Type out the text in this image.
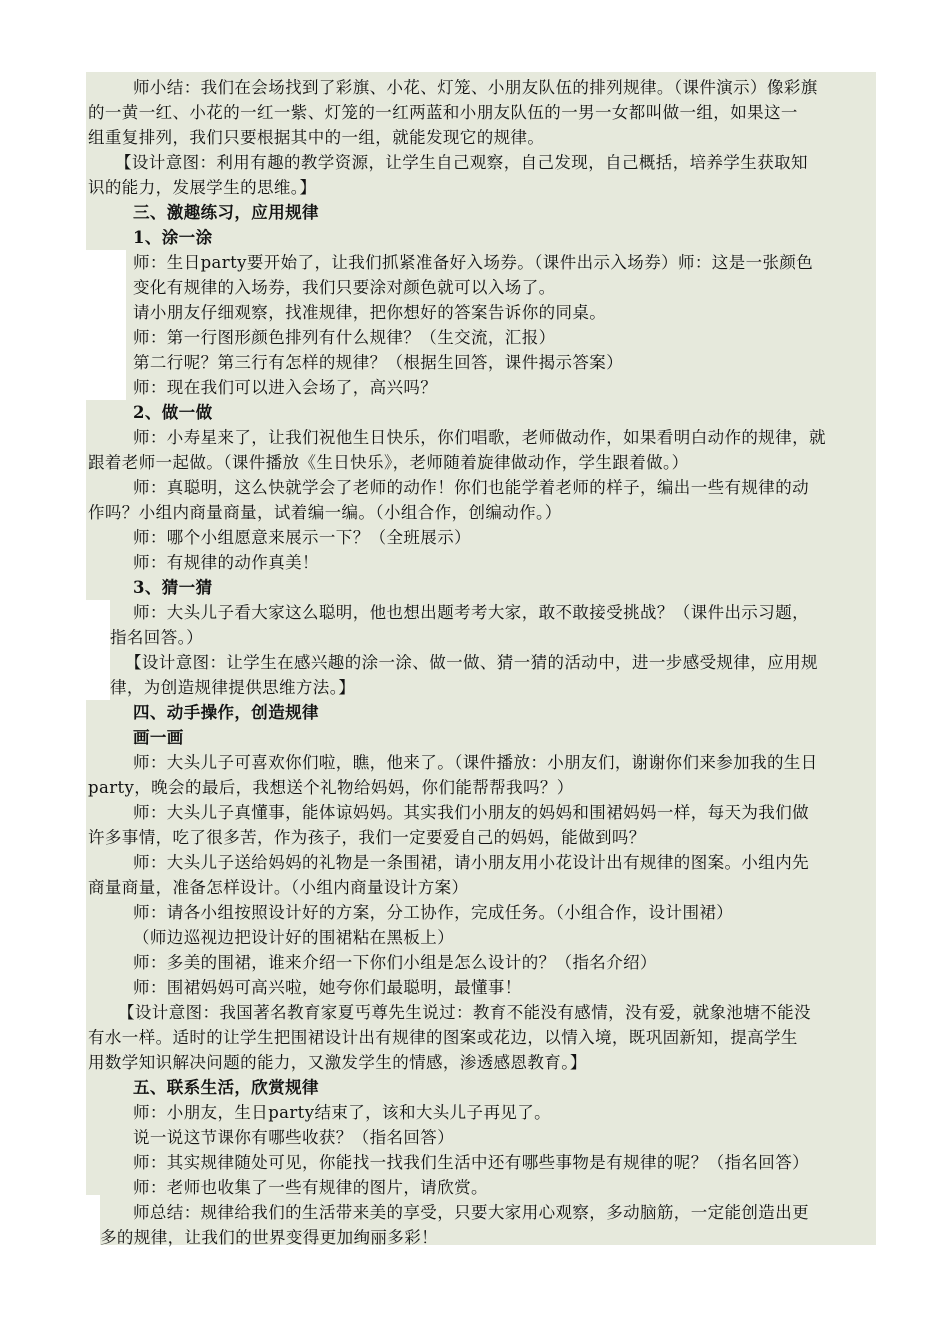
师小结：我们在会场找到了彩旗、小花、灯笼、小朋友队伍的排列规律。（课件演示）像彩旗
的一黄一红、小花的一红一紫、灯笼的一红两蓝和小朋友队伍的一男一女都叫做一组，如果这一
组重复排列，我们只要根据其中的一组，就能发现它的规律。
【设计意图：利用有趣的教学资源，让学生自己观察，自己发现，自己概括，培养学生获取知
识的能力，发展学生的思维。】
三、激趣练习，应用规律
1、涂一涂
师：生日party要开始了，让我们抓紧准备好入场券。（课件出示入场券）师：这是一张颜色
变化有规律的入场券，我们只要涂对颜色就可以入场了。
请小朋友仔细观察，找准规律，把你想好的答案告诉你的同桌。
师：第一行图形颜色排列有什么规律？（生交流，汇报）
第二行呢？第三行有怎样的规律？（根据生回答，课件揭示答案）
师：现在我们可以进入会场了，高兴吗？
2、做一做
师：小寿星来了，让我们祝他生日快乐，你们唱歌，老师做动作，如果看明白动作的规律，就
跟着老师一起做。（课件播放《生日快乐》，老师随着旋律做动作，学生跟着做。）
师：真聪明，这么快就学会了老师的动作！你们也能学着老师的样子，编出一些有规律的动
作吗？小组内商量商量，试着编一编。（小组合作，创编动作。）
师：哪个小组愿意来展示一下？（全班展示）
师：有规律的动作真美！
3、猜一猜
师：大头儿子看大家这么聪明，他也想出题考考大家，敢不敢接受挑战？（课件出示习题，
指名回答。）
【设计意图：让学生在感兴趣的涂一涂、做一做、猜一猜的活动中，进一步感受规律，应用规
律，为创造规律提供思维方法。】
四、动手操作，创造规律
画一画
师：大头儿子可喜欢你们啦，瞧，他来了。（课件播放：小朋友们，谢谢你们来参加我的生日
party，晚会的最后，我想送个礼物给妈妈，你们能帮帮我吗？）
师：大头儿子真懂事，能体谅妈妈。其实我们小朋友的妈妈和围裙妈妈一样，每天为我们做
许多事情，吃了很多苦，作为孩子，我们一定要爱自己的妈妈，能做到吗？
师：大头儿子送给妈妈的礼物是一条围裙，请小朋友用小花设计出有规律的图案。小组内先
商量商量，准备怎样设计。（小组内商量设计方案）
师：请各小组按照设计好的方案，分工协作，完成任务。（小组合作，设计围裙）
（师边巡视边把设计好的围裙粘在黑板上）
师：多美的围裙，谁来介绍一下你们小组是怎么设计的？（指名介绍）
师：围裙妈妈可高兴啦，她夸你们最聪明，最懂事！
【设计意图：我国著名教育家夏丐尊先生说过：教育不能没有感情，没有爱，就象池塘不能没
有水一样。适时的让学生把围裙设计出有规律的图案或花边，以情入境，既巩固新知，提高学生
用数学知识解决问题的能力，又激发学生的情感，渗透感恩教育。】
五、联系生活，欣赏规律
师：小朋友，生日party结束了，该和大头儿子再见了。
说一说这节课你有哪些收获？（指名回答）
师：其实规律随处可见，你能找一找我们生活中还有哪些事物是有规律的呢？（指名回答）
师：老师也收集了一些有规律的图片，请欣赏。
师总结：规律给我们的生活带来美的享受，只要大家用心观察，多动脑筋，一定能创造出更
多的规律，让我们的世界变得更加绚丽多彩！
